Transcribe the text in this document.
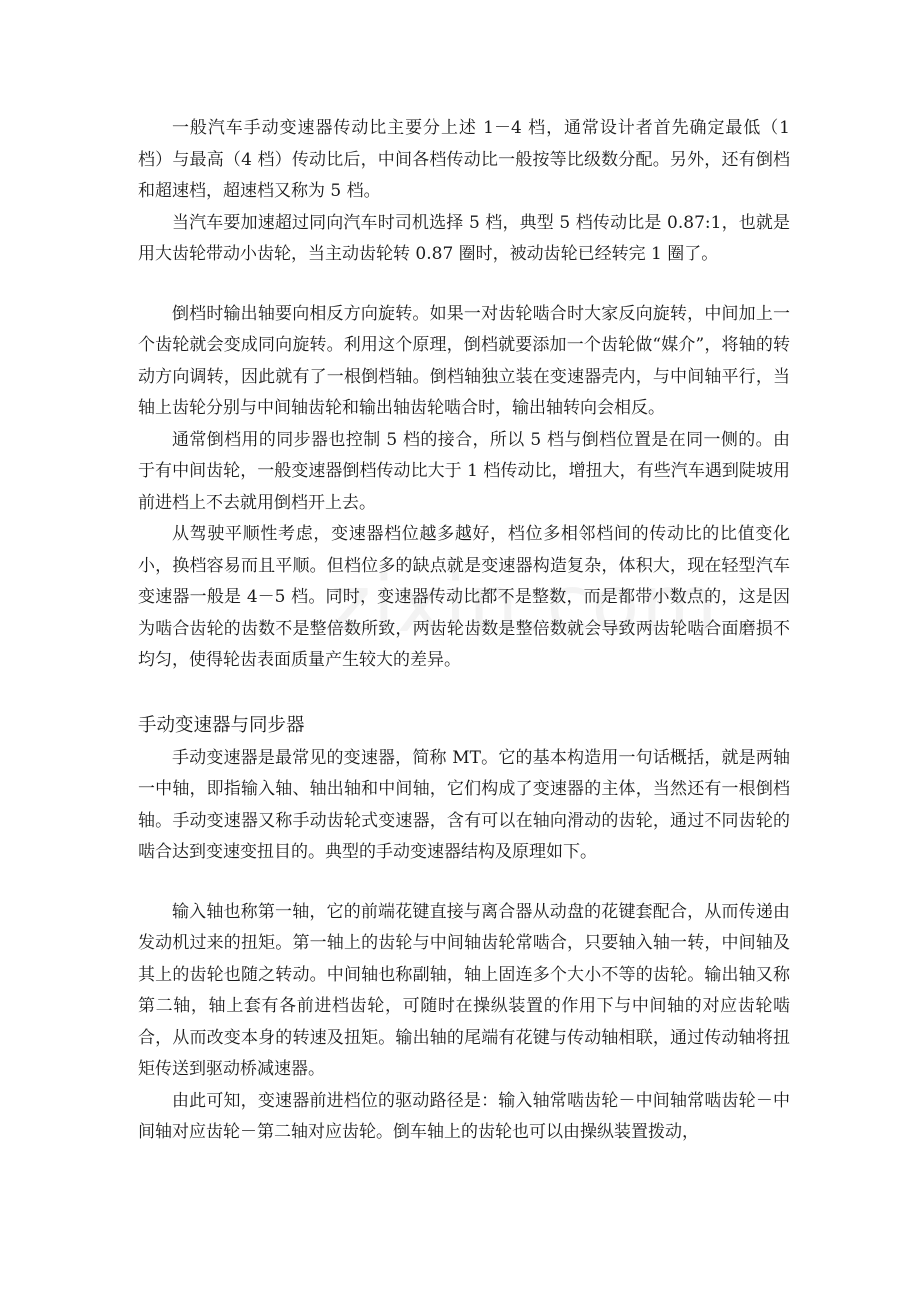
一般汽车手动变速器传动比主要分上述 1－4 档，通常设计者首先确定最低（1 档）与最高（4 档）传动比后，中间各档传动比一般按等比级数分配。另外，还有倒档和超速档，超速档又称为 5 档。

当汽车要加速超过同向汽车时司机选择 5 档，典型 5 档传动比是 0.87:1，也就是用大齿轮带动小齿轮，当主动齿轮转 0.87 圈时，被动齿轮已经转完 1 圈了。

倒档时输出轴要向相反方向旋转。如果一对齿轮啮合时大家反向旋转，中间加上一个齿轮就会变成同向旋转。利用这个原理，倒档就要添加一个齿轮做“媒介”，将轴的转动方向调转，因此就有了一根倒档轴。倒档轴独立装在变速器壳内，与中间轴平行，当轴上齿轮分别与中间轴齿轮和输出轴齿轮啮合时，输出轴转向会相反。

通常倒档用的同步器也控制 5 档的接合，所以 5 档与倒档位置是在同一侧的。由于有中间齿轮，一般变速器倒档传动比大于 1 档传动比，增扭大，有些汽车遇到陡坡用前进档上不去就用倒档开上去。

从驾驶平顺性考虑，变速器档位越多越好，档位多相邻档间的传动比的比值变化小，换档容易而且平顺。但档位多的缺点就是变速器构造复杂，体积大，现在轻型汽车变速器一般是 4－5 档。同时，变速器传动比都不是整数，而是都带小数点的，这是因为啮合齿轮的齿数不是整倍数所致，两齿轮齿数是整倍数就会导致两齿轮啮合面磨损不均匀，使得轮齿表面质量产生较大的差异。

手动变速器与同步器

手动变速器是最常见的变速器，简称 MT。它的基本构造用一句话概括，就是两轴一中轴，即指输入轴、轴出轴和中间轴，它们构成了变速器的主体，当然还有一根倒档轴。手动变速器又称手动齿轮式变速器，含有可以在轴向滑动的齿轮，通过不同齿轮的啮合达到变速变扭目的。典型的手动变速器结构及原理如下。

输入轴也称第一轴，它的前端花键直接与离合器从动盘的花键套配合，从而传递由发动机过来的扭矩。第一轴上的齿轮与中间轴齿轮常啮合，只要轴入轴一转，中间轴及其上的齿轮也随之转动。中间轴也称副轴，轴上固连多个大小不等的齿轮。输出轴又称第二轴，轴上套有各前进档齿轮，可随时在操纵装置的作用下与中间轴的对应齿轮啮合，从而改变本身的转速及扭矩。输出轴的尾端有花键与传动轴相联，通过传动轴将扭矩传送到驱动桥减速器。

由此可知，变速器前进档位的驱动路径是：输入轴常啮齿轮－中间轴常啮齿轮－中间轴对应齿轮－第二轴对应齿轮。倒车轴上的齿轮也可以由操纵装置拨动，
